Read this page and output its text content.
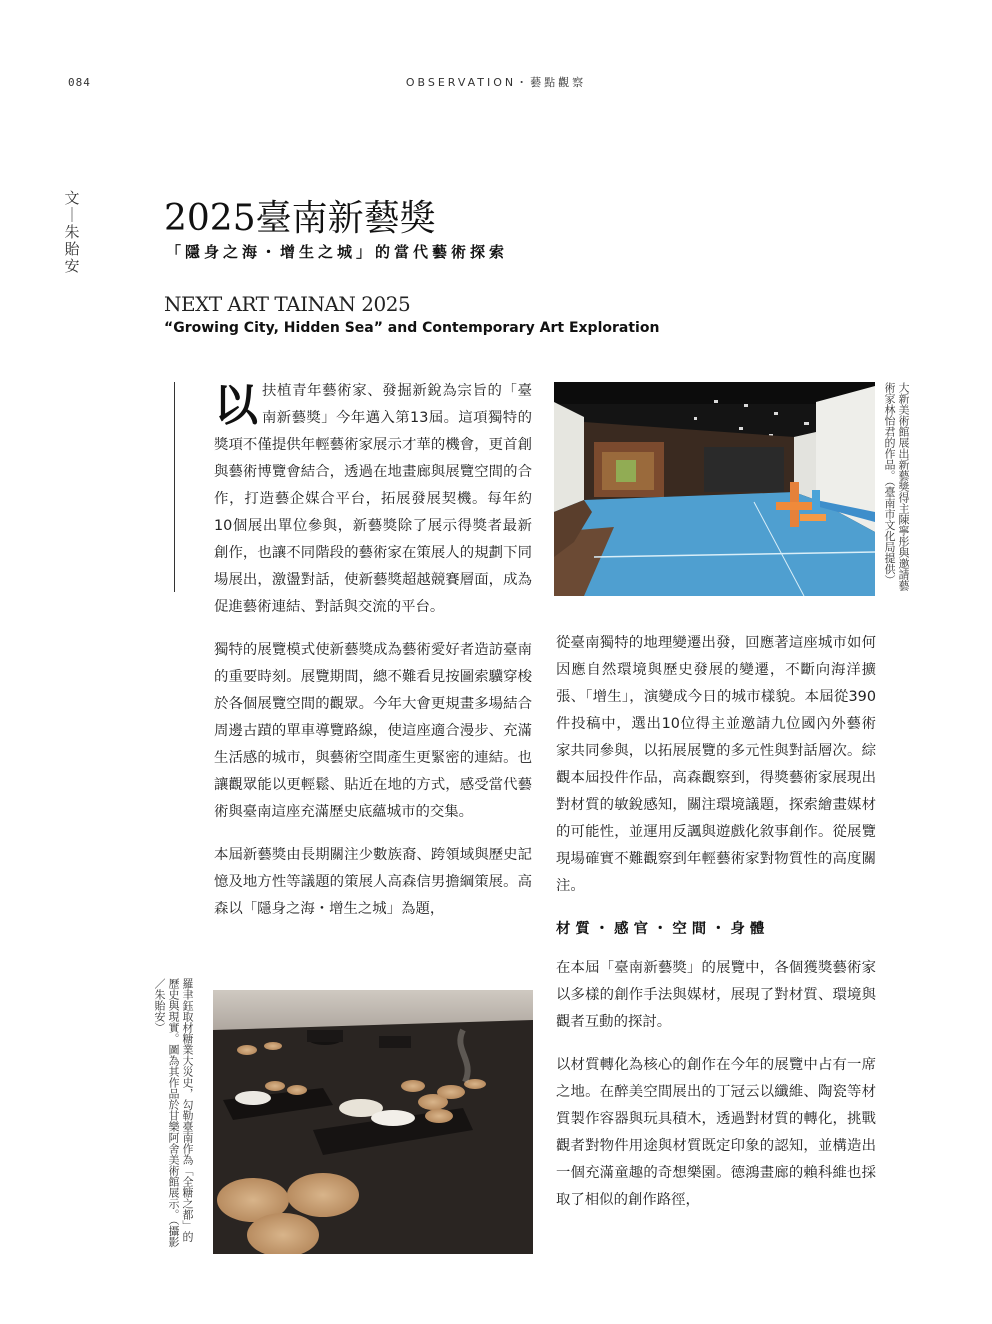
084	OBSERVATION・藝點觀察
文｜朱貽安
2025臺南新藝獎
「隱身之海・增生之城」的當代藝術探索
NEXT ART TAINAN 2025
“Growing City, Hidden Sea” and Contemporary Art Exploration

以 扶植青年藝術家、發掘新銳為宗旨的「臺南新藝獎」今年邁入第13屆。這項獨特的獎項不僅提供年輕藝術家展示才華的機會，更首創與藝術博覽會結合，透過在地畫廊與展覽空間的合作，打造藝企媒合平台，拓展發展契機。每年約10個展出單位參與，新藝獎除了展示得獎者最新創作，也讓不同階段的藝術家在策展人的規劃下同場展出，激盪對話，使新藝獎超越競賽層面，成為促進藝術連結、對話與交流的平台。

獨特的展覽模式使新藝獎成為藝術愛好者造訪臺南的重要時刻。展覽期間，總不難看見按圖索驥穿梭於各個展覽空間的觀眾。今年大會更規畫多場結合周邊古蹟的單車導覽路線，使這座適合漫步、充滿生活感的城市，與藝術空間產生更緊密的連結。也讓觀眾能以更輕鬆、貼近在地的方式，感受當代藝術與臺南這座充滿歷史底蘊城市的交集。

本屆新藝獎由長期關注少數族裔、跨領域與歷史記憶及地方性等議題的策展人高森信男擔綱策展。高森以「隱身之海・增生之城」為題，

大新美術館展出新藝獎得主陳寧彤與邀請藝術家林怡君的作品。（臺南市文化局提供）

從臺南獨特的地理變遷出發，回應著這座城市如何因應自然環境與歷史發展的變遷，不斷向海洋擴張、「增生」，演變成今日的城市樣貌。本屆從390件投稿中，選出10位得主並邀請九位國內外藝術家共同參與，以拓展展覽的多元性與對話層次。綜觀本屆投件作品，高森觀察到，得獎藝術家展現出對材質的敏銳感知，關注環境議題，探索繪畫媒材的可能性，並運用反諷與遊戲化敘事創作。從展覽現場確實不難觀察到年輕藝術家對物質性的高度關注。

材質・感官・空間・身體

在本屆「臺南新藝獎」的展覽中，各個獲獎藝術家以多樣的創作手法與媒材，展現了對材質、環境與觀者互動的探討。

以材質轉化為核心的創作在今年的展覽中占有一席之地。在醉美空間展出的丁冠云以纖維、陶瓷等材質製作容器與玩具積木，透過對材質的轉化，挑戰觀者對物件用途與材質既定印象的認知，並構造出一個充滿童趣的奇想樂園。德鴻畫廊的賴科維也採取了相似的創作路徑，

羅聿鈺取材糖業大災史，勾勒臺南作為「全糖之都」的歷史與現實。圖為其作品於甘樂阿舍美術館展示。（攝影／朱貽安）
